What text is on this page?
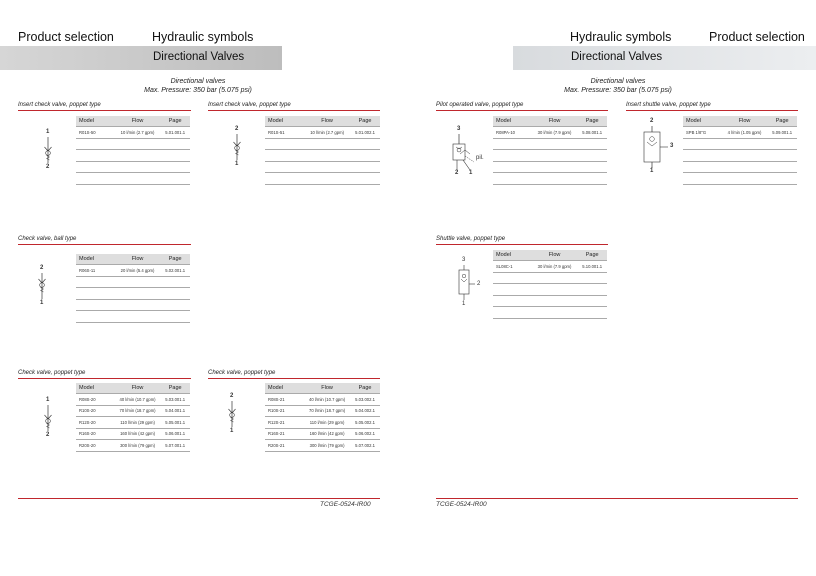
Product selection	Hydraulic symbols
Directional Valves
Directional valves
Max. Pressure: 350 bar (5.075 psi)
Insert check valve, poppet type
1
2
Model	Flow	Page
R01S-50	10 l/min (2.7 gpm)	5.01.001.1

Insert check valve, poppet type
2
1
Model	Flow	Page
R01S-51	10 l/min (2.7 gpm)	5.01.002.1

Check valve, ball type
2
1
Model	Flow	Page
R06S-11	20 l/min (5.4 gpm)	5.02.001.1

Check valve, poppet type
1
2
Model	Flow	Page
R08S-20	40 l/min (10.7 gpm)	5.03.001.1
R10S-20	70 l/min (18.7 gpm)	5.04.001.1
R12S-20	110 l/min (29 gpm)	5.05.001.1
R16S-20	160 l/min (42 gpm)	5.06.001.1
R20S-20	300 l/min (79 gpm)	5.07.001.1
Check valve, poppet type
2
1
Model	Flow	Page
R08S-21	40 l/min (10.7 gpm)	5.03.002.1
R10S-21	70 l/min (18.7 gpm)	5.04.002.1
R12S-21	110 l/min (29 gpm)	5.05.002.1
R16S-21	160 l/min (42 gpm)	5.06.002.1
R20S-21	300 l/min (79 gpm)	5.07.002.1
TCGE-0524-IR00
Hydraulic symbols	Product selection
Directional Valves
Directional valves
Max. Pressure: 350 bar (5.075 psi)
Pilot operated valve, poppet type
3
pil.
2 1
Model	Flow	Page
R08PA-10	30 l/min (7.9 gpm)	5.08.001.1

Insert shuttle valve, poppet type
2
3
1
Model	Flow	Page
SPB 1/8"G	4 l/min (1.05 gpm)	5.09.001.1

Shuttle valve, poppet type
3
2
1
Model	Flow	Page
SL08C-1	30 l/min (7.9 gpm)	5.10.001.1

TCGE-0524-IR00
